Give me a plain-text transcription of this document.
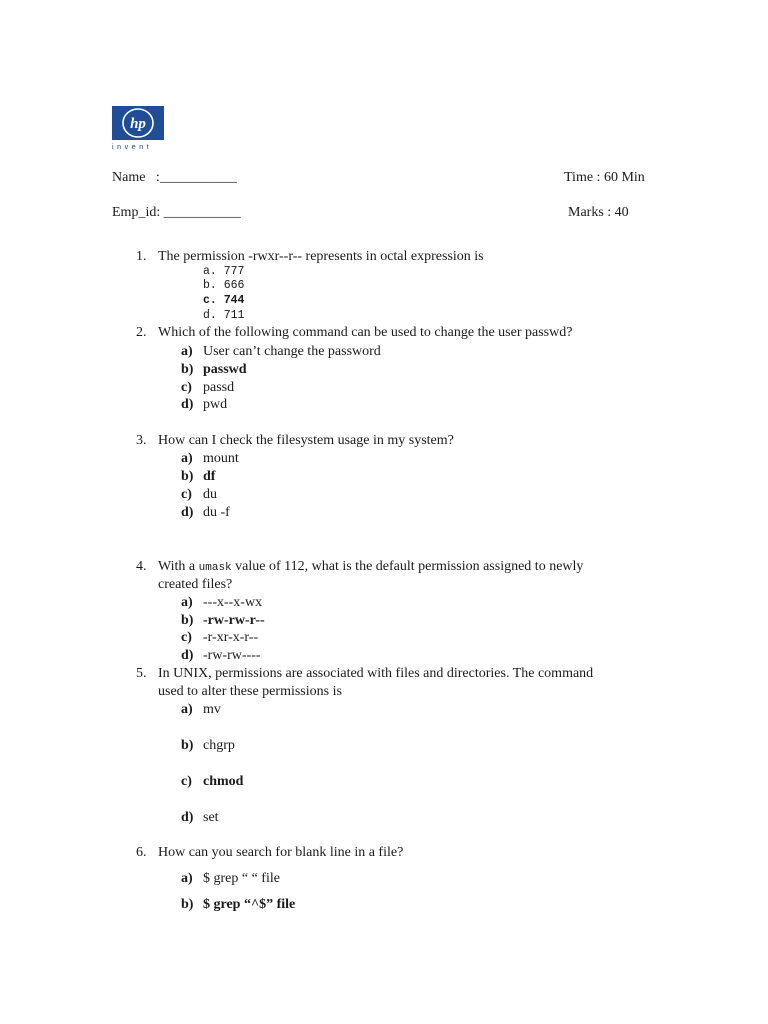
hp
invent
Name   :___________	Time : 60 Min
Emp_id: ___________	Marks : 40
1. The permission -rwxr--r-- represents in octal expression is
a. 777
b. 666
c. 744
d. 711
2. Which of the following command can be used to change the user passwd?
a) User can’t change the password
b) passwd
c) passd
d) pwd
3. How can I check the filesystem usage in my system?
a) mount
b) df
c) du
d) du -f
4. With a umask value of 112, what is the default permission assigned to newly
created files?
a) ---x--x-wx
b) -rw-rw-r--
c) -r-xr-x-r--
d) -rw-rw----
5. In UNIX, permissions are associated with files and directories. The command
used to alter these permissions is
a) mv
b) chgrp
c) chmod
d) set
6. How can you search for blank line in a file?
a) $ grep “ “ file
b) $ grep “^$” file
